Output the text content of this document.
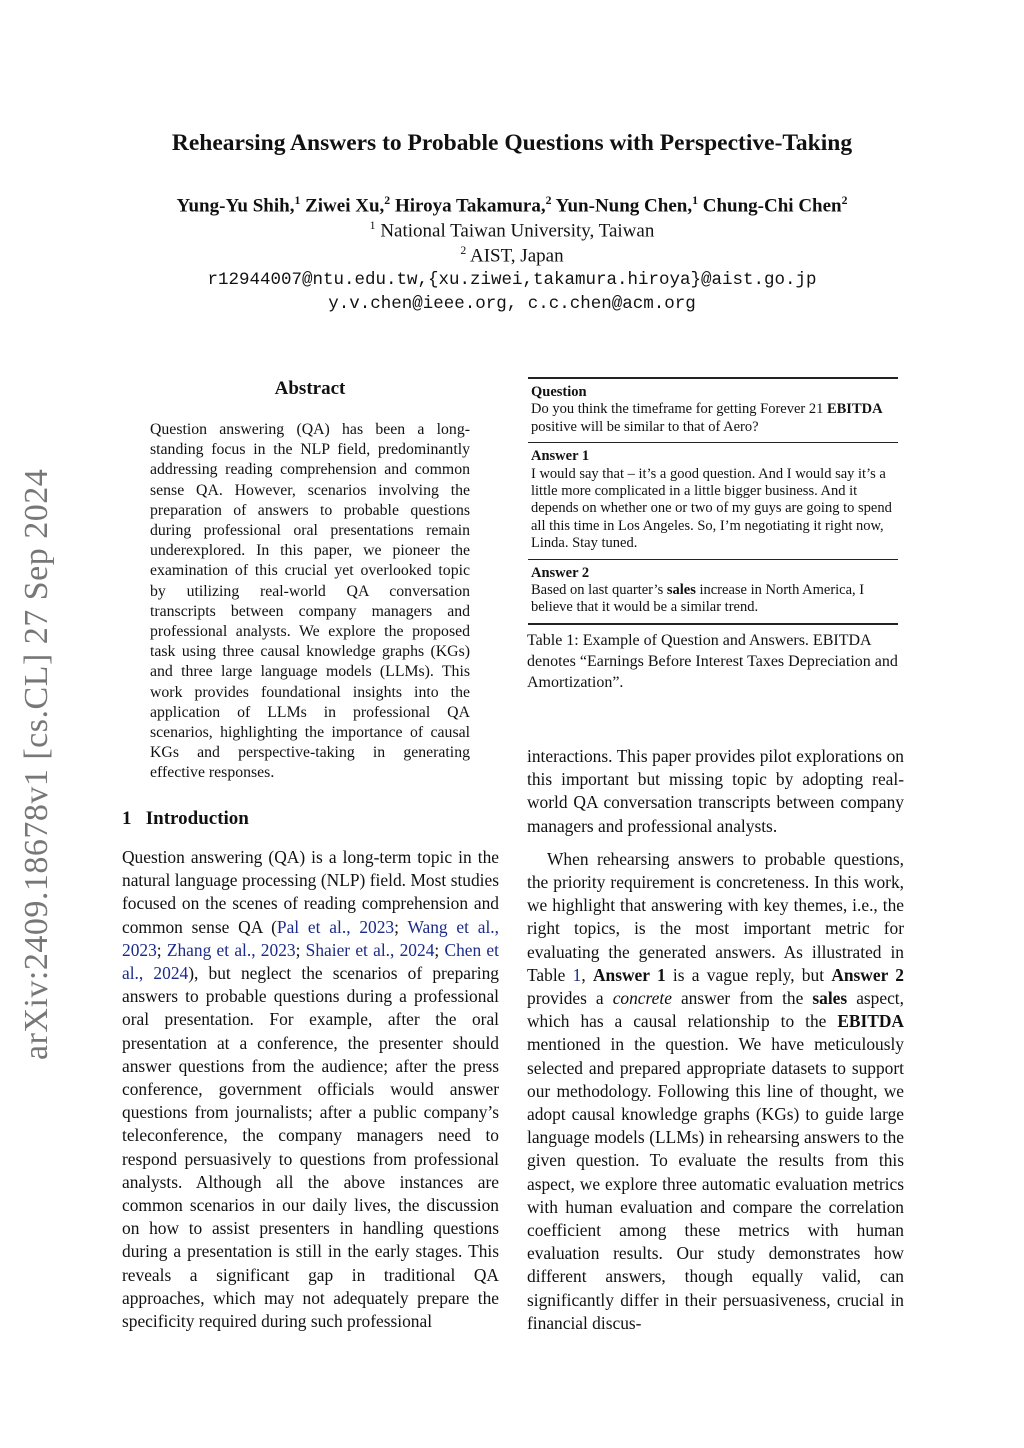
arXiv:2409.18678v1 [cs.CL] 27 Sep 2024
Rehearsing Answers to Probable Questions with Perspective-Taking
Yung-Yu Shih,$^1$ Ziwei Xu,$^2$ Hiroya Takamura,$^2$ Yun-Nung Chen,$^1$ Chung-Chi Chen$^2$
$^1$ National Taiwan University, Taiwan
$^2$ AIST, Japan
r12944007@ntu.edu.tw,{xu.ziwei,takamura.hiroya}@aist.go.jp
y.v.chen@ieee.org, c.c.chen@acm.org
Abstract
Question answering (QA) has been a long-standing focus in the NLP field, predominantly addressing reading comprehension and common sense QA. However, scenarios involving the preparation of answers to probable questions during professional oral presentations remain underexplored. In this paper, we pioneer the examination of this crucial yet overlooked topic by utilizing real-world QA conversation transcripts between company managers and professional analysts. We explore the proposed task using three causal knowledge graphs (KGs) and three large language models (LLMs). This work provides foundational insights into the application of LLMs in professional QA scenarios, highlighting the importance of causal KGs and perspective-taking in generating effective responses.
1 Introduction

Question answering (QA) is a long-term topic in the natural language processing (NLP) field. Most studies focused on the scenes of reading comprehension and common sense QA (Pal et al., 2023; Wang et al., 2023; Zhang et al., 2023; Shaier et al., 2024; Chen et al., 2024), but neglect the scenarios of preparing answers to probable questions during a professional oral presentation. For example, after the oral presentation at a conference, the presenter should answer questions from the audience; after the press conference, government officials would answer questions from journalists; after a public company’s teleconference, the company managers need to respond persuasively to questions from professional analysts. Although all the above instances are common scenarios in our daily lives, the discussion on how to assist presenters in handling questions during a presentation is still in the early stages. This reveals a significant gap in traditional QA approaches, which may not adequately prepare the specificity required during such professional

Question
Do you think the timeframe for getting Forever 21 EBITDA positive will be similar to that of Aero?
Answer 1
I would say that – it’s a good question. And I would say it’s a little more complicated in a little bigger business. And it depends on whether one or two of my guys are going to spend all this time in Los Angeles. So, I’m negotiating it right now, Linda. Stay tuned.
Answer 2
Based on last quarter’s sales increase in North America, I believe that it would be a similar trend.
Table 1: Example of Question and Answers. EBITDA denotes “Earnings Before Interest Taxes Depreciation and Amortization”.

interactions. This paper provides pilot explorations on this important but missing topic by adopting real-world QA conversation transcripts between company managers and professional analysts.

When rehearsing answers to probable questions, the priority requirement is concreteness. In this work, we highlight that answering with key themes, i.e., the right topics, is the most important metric for evaluating the generated answers. As illustrated in Table 1, Answer 1 is a vague reply, but Answer 2 provides a concrete answer from the sales aspect, which has a causal relationship to the EBITDA mentioned in the question. We have meticulously selected and prepared appropriate datasets to support our methodology. Following this line of thought, we adopt causal knowledge graphs (KGs) to guide large language models (LLMs) in rehearsing answers to the given question. To evaluate the results from this aspect, we explore three automatic evaluation metrics with human evaluation and compare the correlation coefficient among these metrics with human evaluation results. Our study demonstrates how different answers, though equally valid, can significantly differ in their persuasiveness, crucial in financial discus-
